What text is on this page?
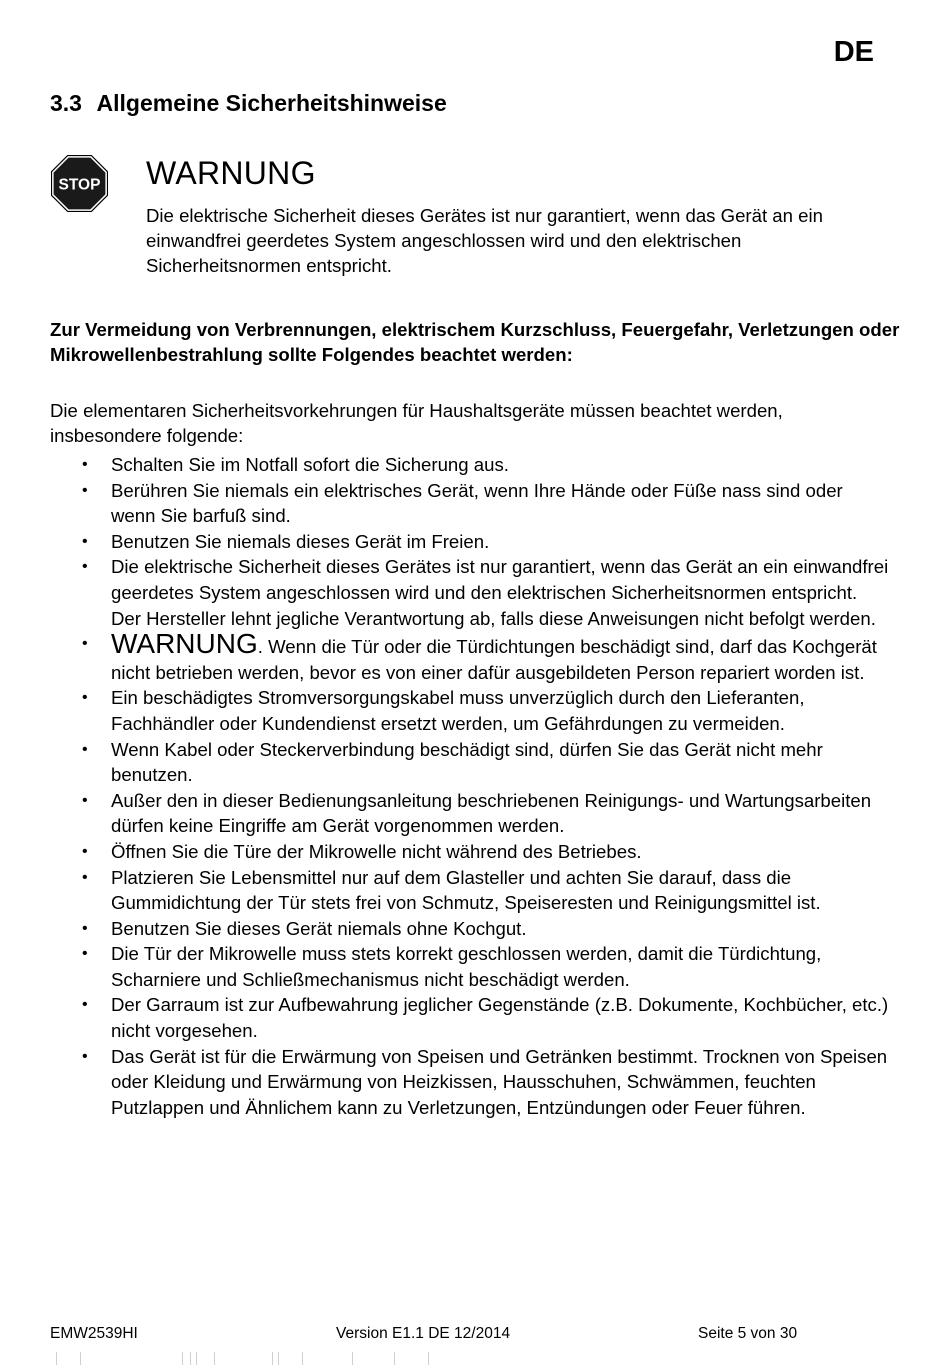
DE
3.3 Allgemeine Sicherheitshinweise
STOP WARNUNG

Die elektrische Sicherheit dieses Gerätes ist nur garantiert, wenn das Gerät an ein einwandfrei geerdetes System angeschlossen wird und den elektrischen Sicherheitsnormen entspricht.

Zur Vermeidung von Verbrennungen, elektrischem Kurzschluss, Feuergefahr, Verletzungen oder Mikrowellenbestrahlung sollte Folgendes beachtet werden:

Die elementaren Sicherheitsvorkehrungen für Haushaltsgeräte müssen beachtet werden, insbesondere folgende:

• Schalten Sie im Notfall sofort die Sicherung aus.
• Berühren Sie niemals ein elektrisches Gerät, wenn Ihre Hände oder Füße nass sind oder wenn Sie barfuß sind.
• Benutzen Sie niemals dieses Gerät im Freien.
• Die elektrische Sicherheit dieses Gerätes ist nur garantiert, wenn das Gerät an ein einwandfrei geerdetes System angeschlossen wird und den elektrischen Sicherheitsnormen entspricht. Der Hersteller lehnt jegliche Verantwortung ab, falls diese Anweisungen nicht befolgt werden.
• WARNUNG. Wenn die Tür oder die Türdichtungen beschädigt sind, darf das Kochgerät nicht betrieben werden, bevor es von einer dafür ausgebildeten Person repariert worden ist.
• Ein beschädigtes Stromversorgungskabel muss unverzüglich durch den Lieferanten, Fachhändler oder Kundendienst ersetzt werden, um Gefährdungen zu vermeiden.
• Wenn Kabel oder Steckerverbindung beschädigt sind, dürfen Sie das Gerät nicht mehr benutzen.
• Außer den in dieser Bedienungsanleitung beschriebenen Reinigungs- und Wartungsarbeiten dürfen keine Eingriffe am Gerät vorgenommen werden.
• Öffnen Sie die Türe der Mikrowelle nicht während des Betriebes.
• Platzieren Sie Lebensmittel nur auf dem Glasteller und achten Sie darauf, dass die Gummidichtung der Tür stets frei von Schmutz, Speiseresten und Reinigungsmittel ist.
• Benutzen Sie dieses Gerät niemals ohne Kochgut.
• Die Tür der Mikrowelle muss stets korrekt geschlossen werden, damit die Türdichtung, Scharniere und Schließmechanismus nicht beschädigt werden.
• Der Garraum ist zur Aufbewahrung jeglicher Gegenstände (z.B. Dokumente, Kochbücher, etc.) nicht vorgesehen.
• Das Gerät ist für die Erwärmung von Speisen und Getränken bestimmt. Trocknen von Speisen oder Kleidung und Erwärmung von Heizkissen, Hausschuhen, Schwämmen, feuchten Putzlappen und Ähnlichem kann zu Verletzungen, Entzündungen oder Feuer führen.
EMW2539HI	Version E1.1 DE 12/2014	Seite 5 von 30
